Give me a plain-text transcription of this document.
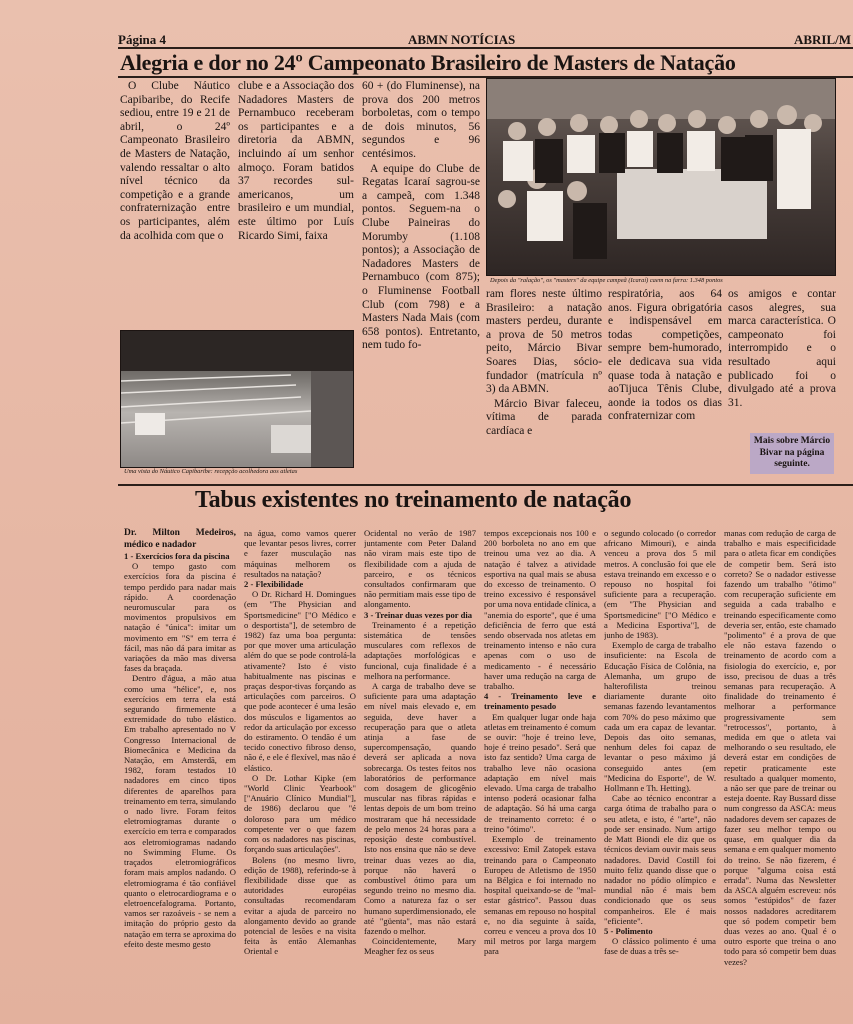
Página 4	ABMN NOTÍCIAS	ABRIL/M
Alegria e dor no 24º Campeonato Brasileiro de Masters de Natação

O Clube Náutico Capibaribe, do Recife sediou, entre 19 e 21 de abril, o 24º Campeonato Brasileiro de Masters de Natação, valendo ressaltar o alto nível técnico da competição e a grande confraternização entre os participantes, além da acolhida com que o

clube e a Associação dos Nadadores Masters de Pernambuco receberam os participantes e a diretoria da ABMN, incluindo aí um senhor almoço. Foram batidos 37 recordes sul-americanos, um brasileiro e um mundial, este último por Luís Ricardo Simi, faixa

60 + (do Fluminense), na prova dos 200 metros borboletas, com o tempo de dois minutos, 56 segundos e 96 centésimos.

A equipe do Clube de Regatas Icaraí sagrou-se a campeã, com 1.348 pontos. Seguem-na o Clube Paineiras do Morumby (1.108 pontos); a Associação de Nadadores Masters de Pernambuco (com 875); o Fluminense Football Club (com 798) e a Masters Nada Mais (com 658 pontos). Entretanto, nem tudo fo-

Depois da "ralação", os "masters" da equipe campeã (Icaraí) caem na farra: 1.348 pontos

ram flores neste último Brasileiro: a natação masters perdeu, durante a prova de 50 metros peito, Márcio Bivar Soares Dias, sócio-fundador (matrícula nº 3) da ABMN.

Márcio Bivar faleceu, vítima de parada cardíaca e

respiratória, aos 64 anos. Figura obrigatória e indispensável em todas competições, sempre bem-humorado, ele dedicava sua vida quase toda à natação e aoTijuca Tênis Clube, aonde ia todos os dias confraternizar com

os amigos e contar casos alegres, sua marca característica. O campeonato foi interrompido e o resultado aqui publicado foi o divulgado até a prova 31.

Mais sobre Márcio Bivar na página seguinte.
Uma vista do Náutico Capibaribe: recepção acolhedora aos atletas
Tabus existentes no treinamento de natação
Dr. Milton Medeiros, médico e nadador
1 - Exercícios fora da piscina

O tempo gasto com exercícios fora da piscina é tempo perdido para nadar mais rápido. A coordenação neuromuscular para os movimentos propulsivos em natação é "única": imitar um movimento em "S" em terra é fácil, mas não dá para imitar as variações da mão mas diversa fases da braçada.

Dentro d'água, a mão atua como uma "hélice", e, nos exercícios em terra ela está segurando firmemente a extremidade do tubo elástico. Em trabalho apresentado no V Congresso Internacional de Biomecânica e Medicina da Natação, em Amsterdã, em 1982, foram testados 10 nadadores em cinco tipos diferentes de aparelhos para treinamento em terra, simulando o nado livre. Foram feitos eletromiogramas durante o exercício em terra e comparados aos eletromiogramas nadando no Swimming Flume. Os traçados eletromiográficos foram mais amplos nadando. O eletromiograma é tão confiável quanto o eletrocardiograma e o eletroencefalograma. Portanto, vamos ser razoáveis - se nem a imitação do próprio gesto da natação em terra se aproxima do efeito deste mesmo gesto

na água, como vamos querer que levantar pesos livres, correr e fazer musculação nas máquinas melhorem os resultados na natação?

2 - Flexibilidade

O Dr. Richard H. Domingues (em "The Physician and Sportsmedicine" ["O Médico e o desportista"], de setembro de 1982) faz uma boa pergunta: por que mover uma articulação além do que se pode controlá-la ativamente? Isto é visto habitualmente nas piscinas e praças despor-tivas forçando as articulações com parceiros. O que pode acontecer é uma lesão dos músculos e ligamentos ao redor da articulação por excesso do estiramento. O tendão é um tecido conectivo fibroso denso, não é, e ele é flexível, mas não é elástico.

O Dr. Lothar Kipke (em "World Clinic Yearbook" ["Anuário Clínico Mundial"], de 1986) declarou que "é doloroso para um médico competente ver o que fazem com os nadadores nas piscinas, forçando suas articulações".

Bolens (no mesmo livro, edição de 1988), referindo-se à flexibilidade disse que as autoridades européias consultadas recomendaram evitar a ajuda de parceiro no alongamento devido ao grande potencial de lesões e na visita feita às então Alemanhas Oriental e

Ocidental no verão de 1987 juntamente com Peter Daland não viram mais este tipo de flexibilidade com a ajuda de parceiro, e os técnicos consultados confirmaram que não permitiam mais esse tipo de alongamento.

3 - Treinar duas vezes por dia

Treinamento é a repetição sistemática de tensões musculares com reflexos de adaptações morfológicas e funcional, cuja finalidade é a melhora na performance.

A carga de trabalho deve se suficiente para uma adaptação em nível mais elevado e, em seguida, deve haver a recuperação para que o atleta atinja a fase de supercompensação, quando deverá ser aplicada a nova sobrecarga. Os testes feitos nos laboratórios de performance com dosagem de glicogênio muscular nas fibras rápidas e lentas depois de um bom treino mostraram que há necessidade de pelo menos 24 horas para a reposição deste combustível. Isto nos ensina que não se deve treinar duas vezes ao dia, porque não haverá o combustível ótimo para um segundo treino no mesmo dia. Como a natureza faz o ser humano superdimensionado, ele até "güenta", mas não estará fazendo o melhor.

Coincidentemente, Mary Meagher fez os seus

tempos excepcionais nos 100 e 200 borboleta no ano em que treinou uma vez ao dia. A natação é talvez a atividade esportiva na qual mais se abusa do excesso de treinamento. O treino excessivo é responsável por uma nova entidade clínica, a "anemia do esporte", que é uma deficiência de ferro que está sendo observada nos atletas em treinamento intenso e não cura apenas com o uso de medicamento - é necessário haver uma redução na carga de trabalho.

4 - Treinamento leve e treinamento pesado

Em qualquer lugar onde haja atletas em treinamento é comum se ouvir: "hoje é treino leve, hoje é treino pesado". Será que isto faz sentido? Uma carga de trabalho leve não ocasiona adaptação em nível mais elevado. Uma carga de trabalho intenso poderá ocasionar falha de adaptação. Só há uma carga de treinamento correto: é o treino "ótimo".

Exemplo de treinamento excessivo: Emil Zatopek estava treinando para o Campeonato Europeu de Atletismo de 1950 na Bélgica e foi internado no hospital queixando-se de "mal-estar gástrico". Passou duas semanas em repouso no hospital e, no dia seguinte à saída, correu e venceu a prova dos 10 mil metros por larga margem para

o segundo colocado (o corredor africano Mimouri), e ainda venceu a prova dos 5 mil metros. A conclusão foi que ele estava treinando em excesso e o repouso no hospital foi suficiente para a recuperação. (em "The Physician and Sportsmedicine" ["O Médico e a Medicina Esportiva"], de junho de 1983).

Exemplo de carga de trabalho insuficiente: na Escola de Educação Física de Colônia, na Alemanha, um grupo de halterofilista treinou diariamente durante oito semanas fazendo levantamentos com 70% do peso máximo que cada um era capaz de levantar. Depois das oito semanas, nenhum deles foi capaz de levantar o peso máximo já conseguido antes (em "Medicina do Esporte", de W. Hollmann e Th. Hetting).

Cabe ao técnico encontrar a carga ótima de trabalho para o seu atleta, e isto, é "arte", não pode ser ensinado. Num artigo de Matt Biondi ele diz que os técnicos deviam ouvir mais seus nadadores. David Costill foi muito feliz quando disse que o nadador no pódio olímpico e mundial não é mais bem condicionado que os seus companheiros. Ele é mais "eficiente".

5 - Polimento

O clássico polimento é uma fase de duas a três se-

manas com redução de carga de trabalho e mais especificidade para o atleta ficar em condições de competir bem. Será isto correto? Se o nadador estivesse fazendo um trabalho "ótimo" com recuperação suficiente em seguida a cada trabalho e treinando especificamente como deveria ser, então, este chamado "polimento" é a prova de que ele não estava fazendo o treinamento de acordo com a fisiologia do exercício, e, por isso, precisou de duas a três semanas para recuperação. A finalidade do treinamento é melhorar a performance progressivamente sem "retrocessos", portanto, à medida em que o atleta vai melhorando o seu resultado, ele deverá estar em condições de repetir praticamente este resultado a qualquer momento, a não ser que pare de treinar ou esteja doente. Ray Bussard disse num congresso da ASCA: meus nadadores devem ser capazes de fazer seu melhor tempo ou quase, em qualquer dia da semana e em qualquer momento do treino. Se não fizerem, é porque "alguma coisa está errada". Numa das Newsletter da ASCA alguém escreveu: nós somos "estúpidos" de fazer nossos nadadores acreditarem que só podem competir bem duas vezes ao ano. Qual é o outro esporte que treina o ano todo para só competir bem duas vezes?
